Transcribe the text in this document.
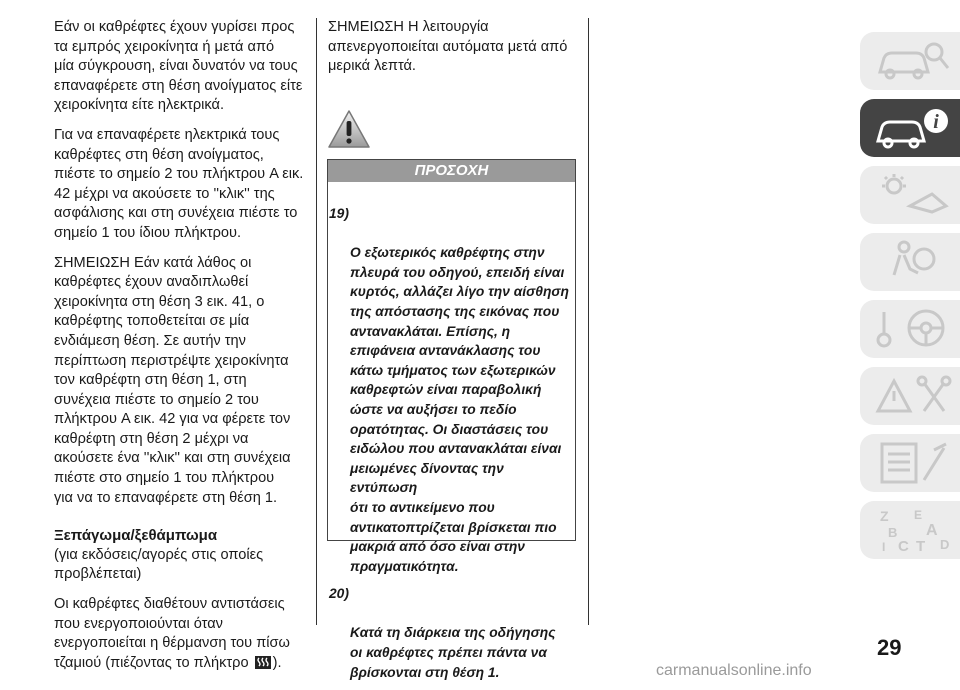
Εάν οι καθρέφτες έχουν γυρίσει προς
τα εμπρός χειροκίνητα ή μετά από
μία σύγκρουση, είναι δυνατόν να τους
επαναφέρετε στη θέση ανοίγματος είτε
χειροκίνητα είτε ηλεκτρικά.

Για να επαναφέρετε ηλεκτρικά τους
καθρέφτες στη θέση ανοίγματος,
πιέστε το σημείο 2 του πλήκτρου A εικ.
42 μέχρι να ακούσετε το ''κλικ'' της
ασφάλισης και στη συνέχεια πιέστε το
σημείο 1 του ίδιου πλήκτρου.

ΣΗΜΕΙΩΣΗ Εάν κατά λάθος οι
καθρέφτες έχουν αναδιπλωθεί
χειροκίνητα στη θέση 3 εικ. 41, ο
καθρέφτης τοποθετείται σε μία
ενδιάμεση θέση. Σε αυτήν την
περίπτωση περιστρέψτε χειροκίνητα
τον καθρέφτη στη θέση 1, στη
συνέχεια πιέστε το σημείο 2 του
πλήκτρου A εικ. 42 για να φέρετε τον
καθρέφτη στη θέση 2 μέχρι να
ακούσετε ένα ''κλικ'' και στη συνέχεια
πιέστε στο σημείο 1 του πλήκτρου
για να το επαναφέρετε στη θέση 1.

Ξεπάγωμα/ξεθάμπωμα

(για εκδόσεις/αγορές στις οποίες
προβλέπεται)

Οι καθρέφτες διαθέτουν αντιστάσεις
που ενεργοποιούνται όταν
ενεργοποιείται η θέρμανση του πίσω
τζαμιού (πιέζοντας το πλήκτρο ).

ΣΗΜΕΙΩΣΗ Η λειτουργία
απενεργοποιείται αυτόματα μετά από
μερικά λεπτά.

ΠΡΟΣΟΧΗ

19)

Ο εξωτερικός καθρέφτης στην
πλευρά του οδηγού, επειδή είναι
κυρτός, αλλάζει λίγο την αίσθηση
της απόστασης της εικόνας που
αντανακλάται. Επίσης, η
επιφάνεια αντανάκλασης του
κάτω τμήματος των εξωτερικών
καθρεφτών είναι παραβολική
ώστε να αυξήσει το πεδίο
ορατότητας. Οι διαστάσεις του
ειδώλου που αντανακλάται είναι
μειωμένες δίνοντας την εντύπωση
ότι το αντικείμενο που
αντικατοπτρίζεται βρίσκεται πιο
μακριά από όσο είναι στην
πραγματικότητα.

20)

Κατά τη διάρκεια της οδήγησης
οι καθρέφτες πρέπει πάντα να
βρίσκονται στη θέση 1.

i
Z E
A
B
C T D
I
29
carmanualsonline.info
